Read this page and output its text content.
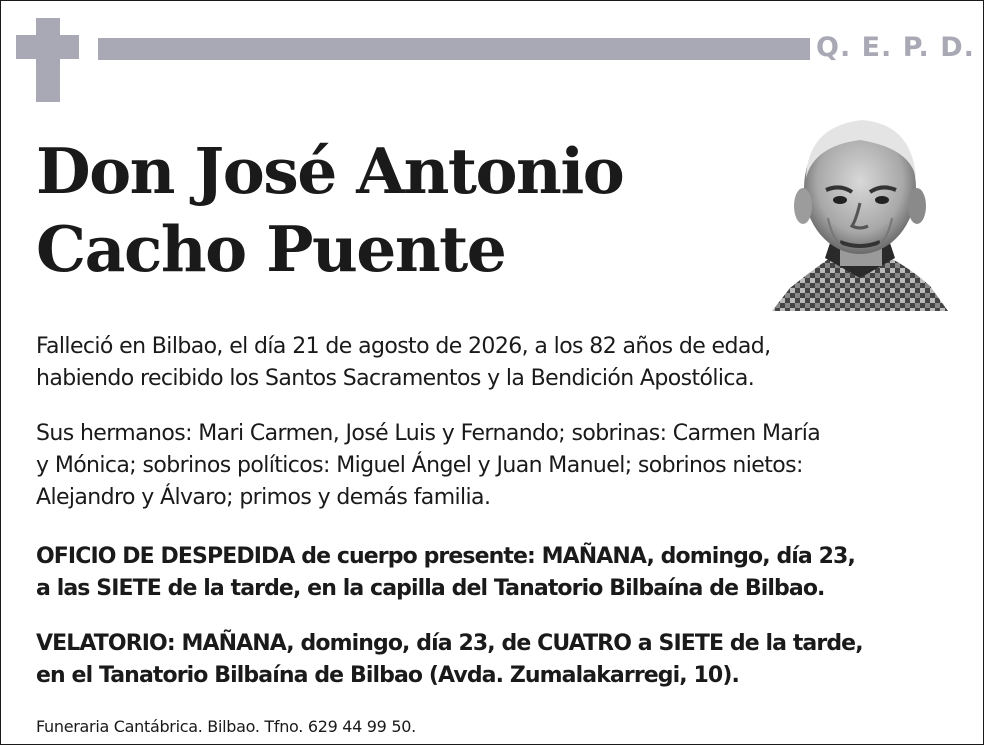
Q. E. P. D.
Don José Antonio
Cacho Puente
Falleció en Bilbao, el día 21 de agosto de 2026, a los 82 años de edad,
habiendo recibido los Santos Sacramentos y la Bendición Apostólica.
Sus hermanos: Mari Carmen, José Luis y Fernando; sobrinas: Carmen María
y Mónica; sobrinos políticos: Miguel Ángel y Juan Manuel; sobrinos nietos:
Alejandro y Álvaro; primos y demás familia.
OFICIO DE DESPEDIDA de cuerpo presente: MAÑANA, domingo, día 23,
a las SIETE de la tarde, en la capilla del Tanatorio Bilbaína de Bilbao.
VELATORIO: MAÑANA, domingo, día 23, de CUATRO a SIETE de la tarde,
en el Tanatorio Bilbaína de Bilbao (Avda. Zumalakarregi, 10).
Funeraria Cantábrica. Bilbao. Tfno. 629 44 99 50.
